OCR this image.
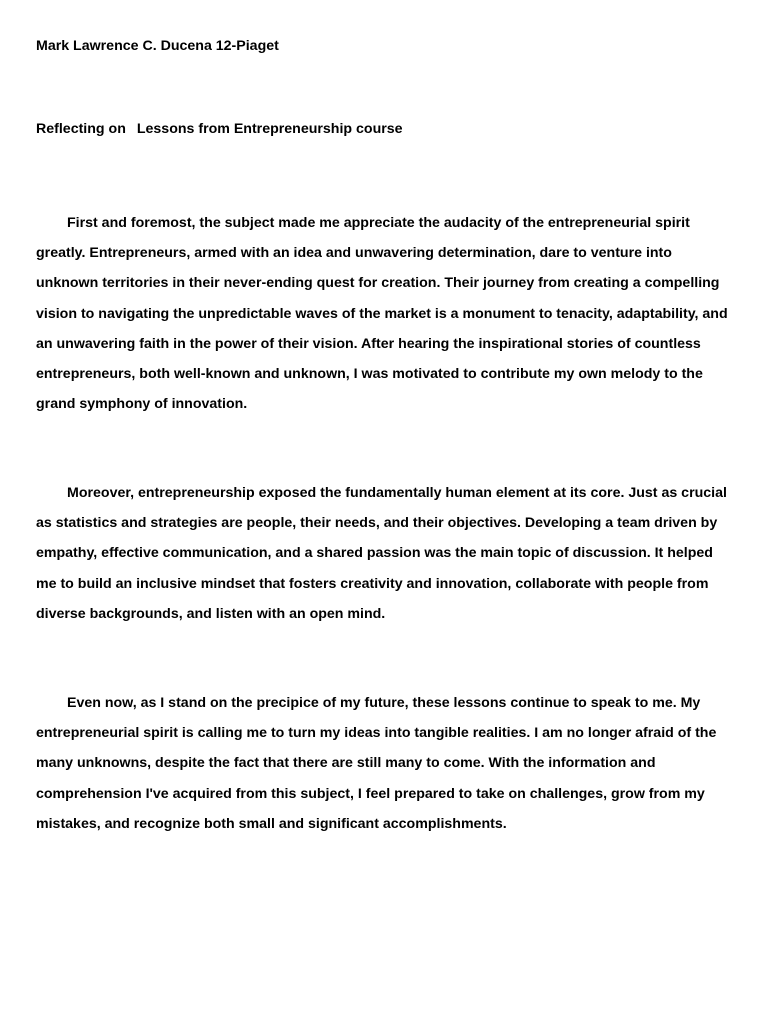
Mark Lawrence C. Ducena 12-Piaget

Reflecting on Lessons from Entrepreneurship course

First and foremost, the subject made me appreciate the audacity of the entrepreneurial spirit greatly. Entrepreneurs, armed with an idea and unwavering determination, dare to venture into unknown territories in their never-ending quest for creation. Their journey from creating a compelling vision to navigating the unpredictable waves of the market is a monument to tenacity, adaptability, and an unwavering faith in the power of their vision. After hearing the inspirational stories of countless entrepreneurs, both well-known and unknown, I was motivated to contribute my own melody to the grand symphony of innovation.

Moreover, entrepreneurship exposed the fundamentally human element at its core. Just as crucial as statistics and strategies are people, their needs, and their objectives. Developing a team driven by empathy, effective communication, and a shared passion was the main topic of discussion. It helped me to build an inclusive mindset that fosters creativity and innovation, collaborate with people from diverse backgrounds, and listen with an open mind.

Even now, as I stand on the precipice of my future, these lessons continue to speak to me. My entrepreneurial spirit is calling me to turn my ideas into tangible realities. I am no longer afraid of the many unknowns, despite the fact that there are still many to come. With the information and comprehension I've acquired from this subject, I feel prepared to take on challenges, grow from my mistakes, and recognize both small and significant accomplishments.
